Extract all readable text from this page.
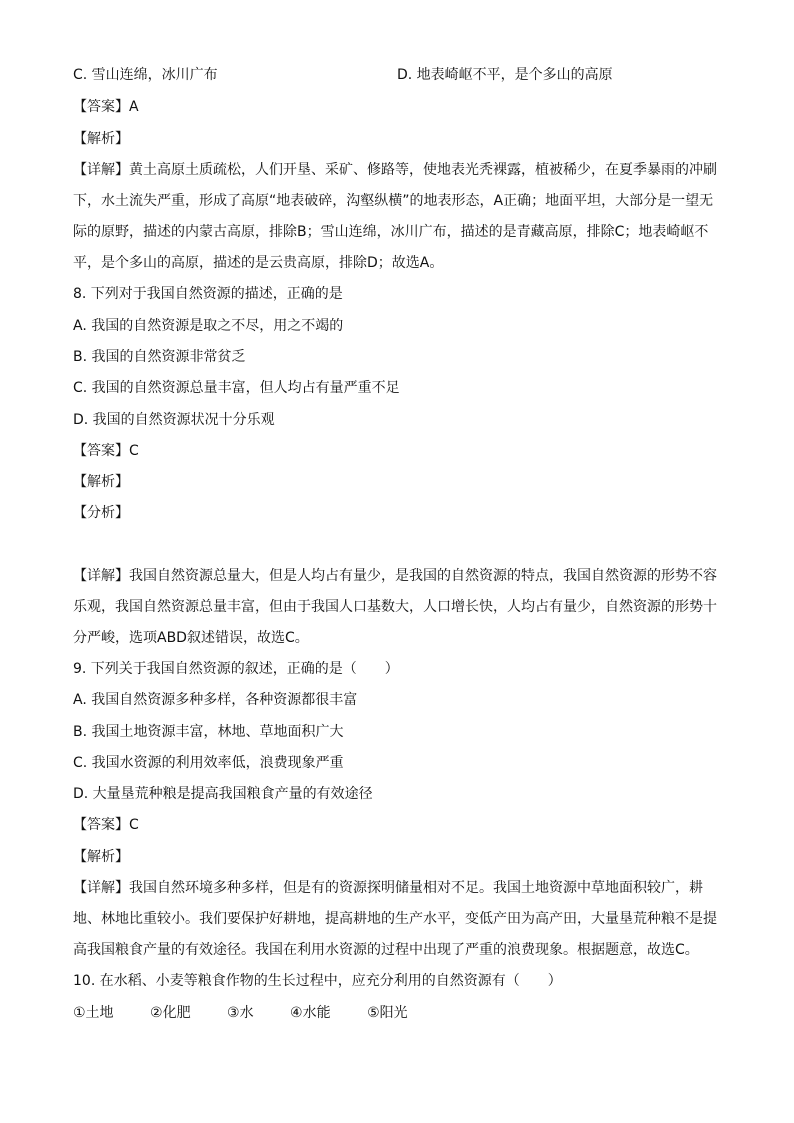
C. 雪山连绵，冰川广布	D. 地表崎岖不平，是个多山的高原
【答案】A
【解析】
【详解】黄土高原土质疏松，人们开垦、采矿、修路等，使地表光秃裸露，植被稀少，在夏季暴雨的冲刷下，水土流失严重，形成了高原“地表破碎，沟壑纵横”的地表形态，A正确；地面平坦，大部分是一望无际的原野，描述的内蒙古高原，排除B；雪山连绵，冰川广布，描述的是青藏高原，排除C；地表崎岖不平，是个多山的高原，描述的是云贵高原，排除D；故选A。
8. 下列对于我国自然资源的描述，正确的是
A. 我国的自然资源是取之不尽，用之不竭的
B. 我国的自然资源非常贫乏
C. 我国的自然资源总量丰富，但人均占有量严重不足
D. 我国的自然资源状况十分乐观
【答案】C
【解析】
【分析】
【详解】我国自然资源总量大，但是人均占有量少，是我国的自然资源的特点，我国自然资源的形势不容乐观，我国自然资源总量丰富，但由于我国人口基数大，人口增长快，人均占有量少，自然资源的形势十分严峻，选项ABD叙述错误，故选C。
9. 下列关于我国自然资源的叙述，正确的是（　　）
A. 我国自然资源多种多样，各种资源都很丰富
B. 我国土地资源丰富，林地、草地面积广大
C. 我国水资源的利用效率低，浪费现象严重
D. 大量垦荒种粮是提高我国粮食产量的有效途径
【答案】C
【解析】
【详解】我国自然环境多种多样，但是有的资源探明储量相对不足。我国土地资源中草地面积较广，耕地、林地比重较小。我们要保护好耕地，提高耕地的生产水平，变低产田为高产田，大量垦荒种粮不是提高我国粮食产量的有效途径。我国在利用水资源的过程中出现了严重的浪费现象。根据题意，故选C。
10. 在水稻、小麦等粮食作物的生长过程中，应充分利用的自然资源有（　　）
①土地	②化肥	③水	④水能	⑤阳光
